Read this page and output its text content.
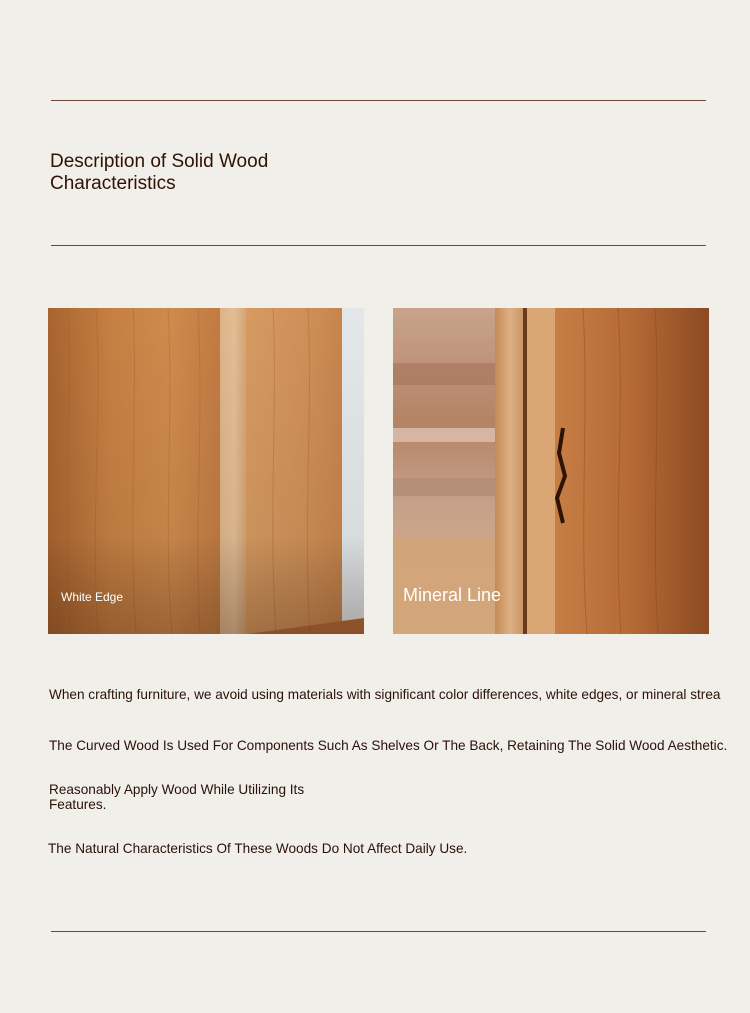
Description of Solid Wood Characteristics
White Edge	Mineral Line

When crafting furniture, we avoid using materials with significant color differences, white edges, or mineral strea

The Curved Wood Is Used For Components Such As Shelves Or The Back, Retaining The Solid Wood Aesthetic.

Reasonably Apply Wood While Utilizing Its Features.

The Natural Characteristics Of These Woods Do Not Affect Daily Use.
